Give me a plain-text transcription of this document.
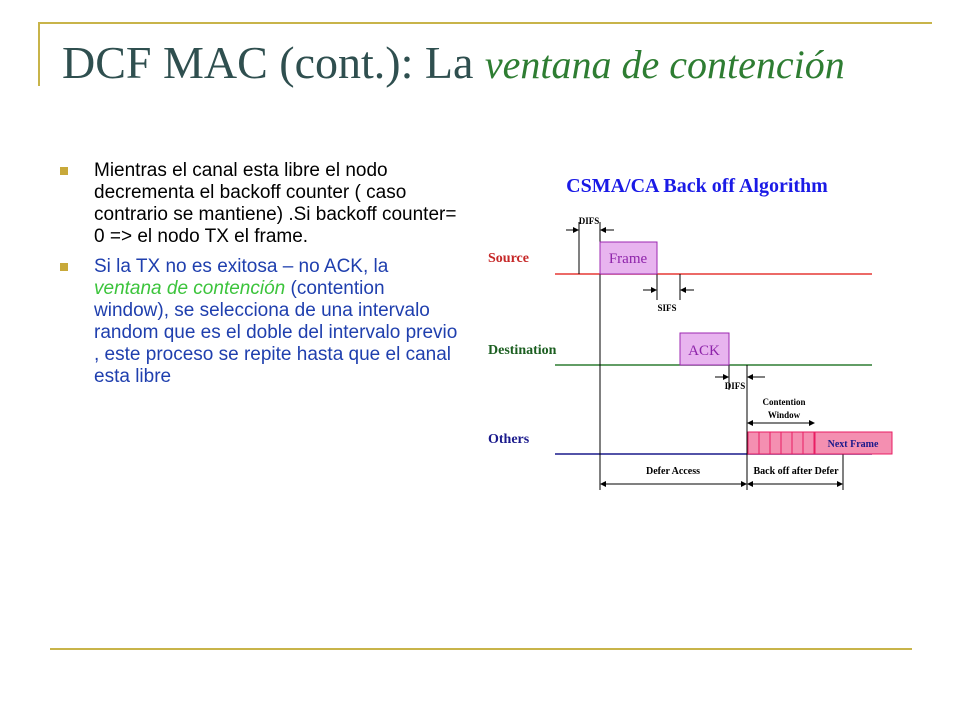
DCF MAC (cont.): La ventana de contención
Mientras el canal esta libre el nodo decrementa el backoff counter ( caso contrario se mantiene) .Si backoff counter= 0 => el nodo TX el frame.
Si la TX no es exitosa – no ACK, la ventana de contención (contention window), se selecciona de una intervalo random que es el doble del intervalo previo , este proceso se repite hasta que el canal esta libre
CSMA/CA Back off Algorithm
Source
Destination
Others
DIFS
Frame
SIFS
ACK
DIFS
Contention
Window
Next Frame
Defer Access	Back off after Defer
